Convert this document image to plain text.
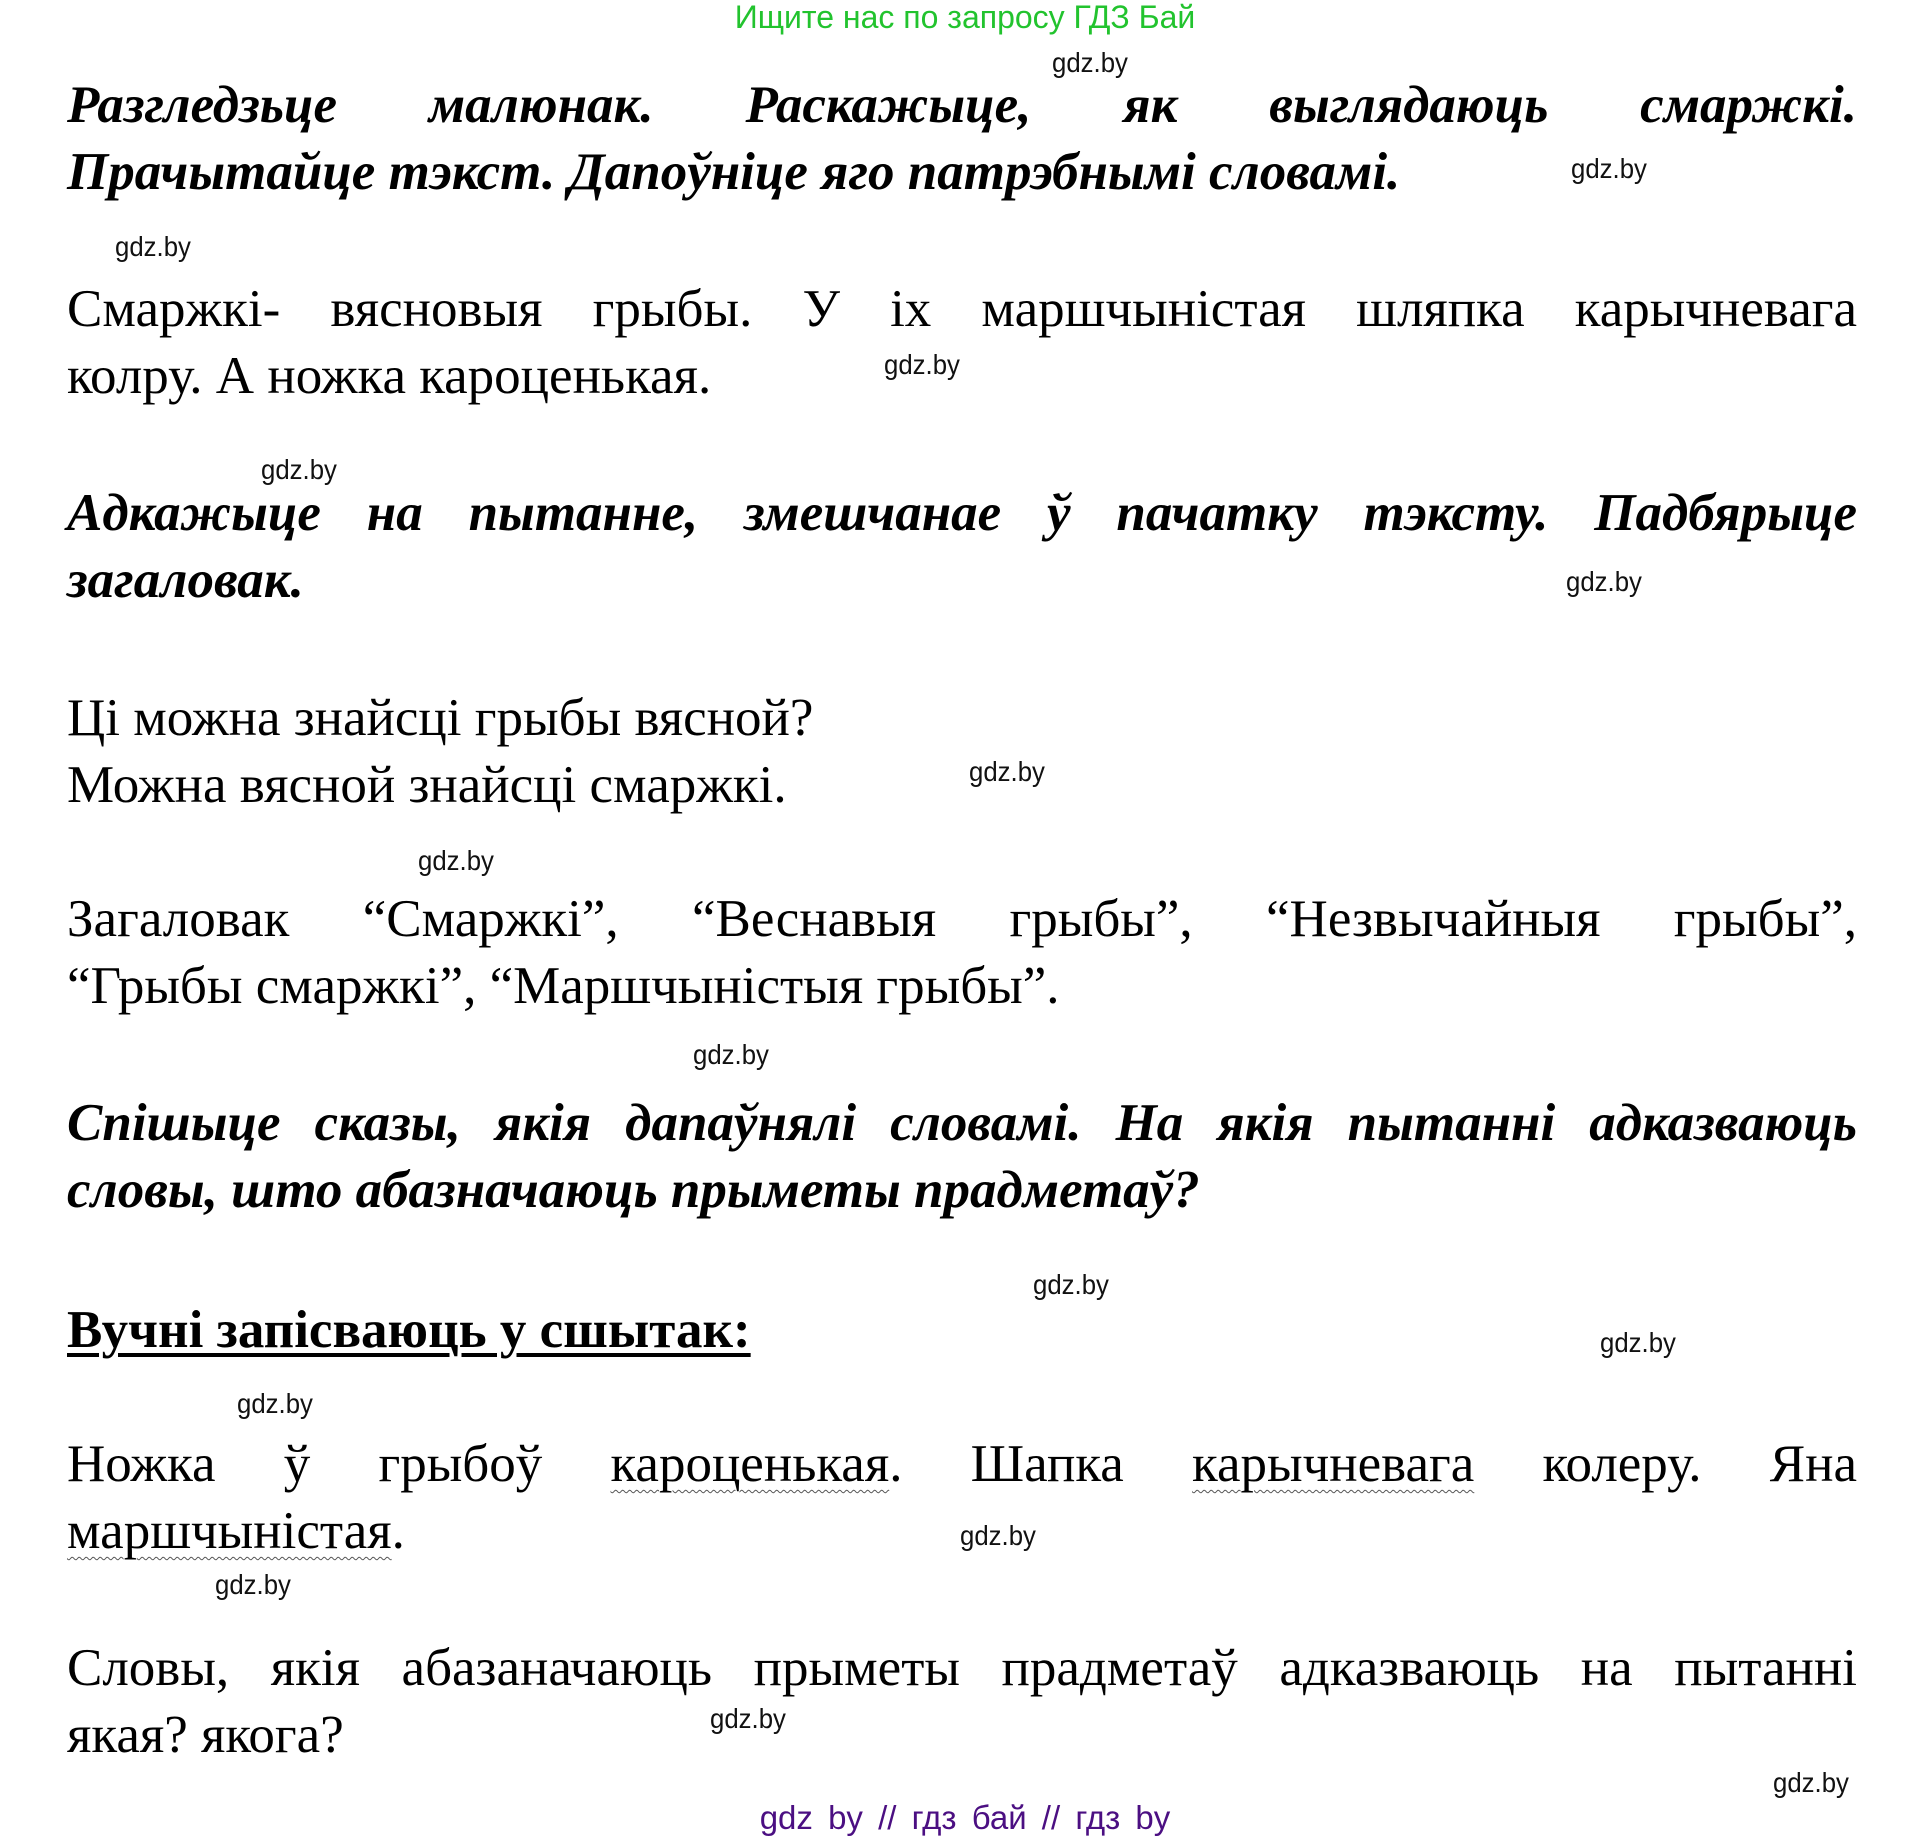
Ищите нас по запросу ГДЗ Бай
gdz.by
gdz.by
gdz.by
gdz.by
gdz.by
gdz.by
gdz.by
gdz.by
gdz.by
gdz.by
gdz.by
gdz.by
gdz.by
gdz.by
gdz.by
gdz.by
Разгледзьце малюнак. Раскажыце, як выглядаюць смаржкі.
Прачытайце тэкст. Дапоўніце яго патрэбнымі словамі.
Смаржкі- вясновыя грыбы. У іх маршчыністая шляпка карычневага
колру. А ножка кароценькая.
Адкажыце на пытанне, змешчанае ў пачатку тэксту. Падбярыце
загаловак.
Ці можна знайсці грыбы вясной?
Можна вясной знайсці смаржкі.
Загаловак “Смаржкі”, “Веснавыя грыбы”, “Незвычайныя грыбы”,
“Грыбы смаржкі”, “Маршчыністыя грыбы”.
Спішыце сказы, якія дапаўнялі словамі. На якія пытанні адказваюць
словы, што абазначаюць прыметы прадметаў?
Вучні запісваюць у сшытак:
Ножка ў грыбоў кароценькая. Шапка карычневага колеру. Яна
маршчыністая.
Словы, якія абазаначаюць прыметы прадметаў адказваюць на пытанні
якая? якога?
gdz by // гдз бай // гдз by
